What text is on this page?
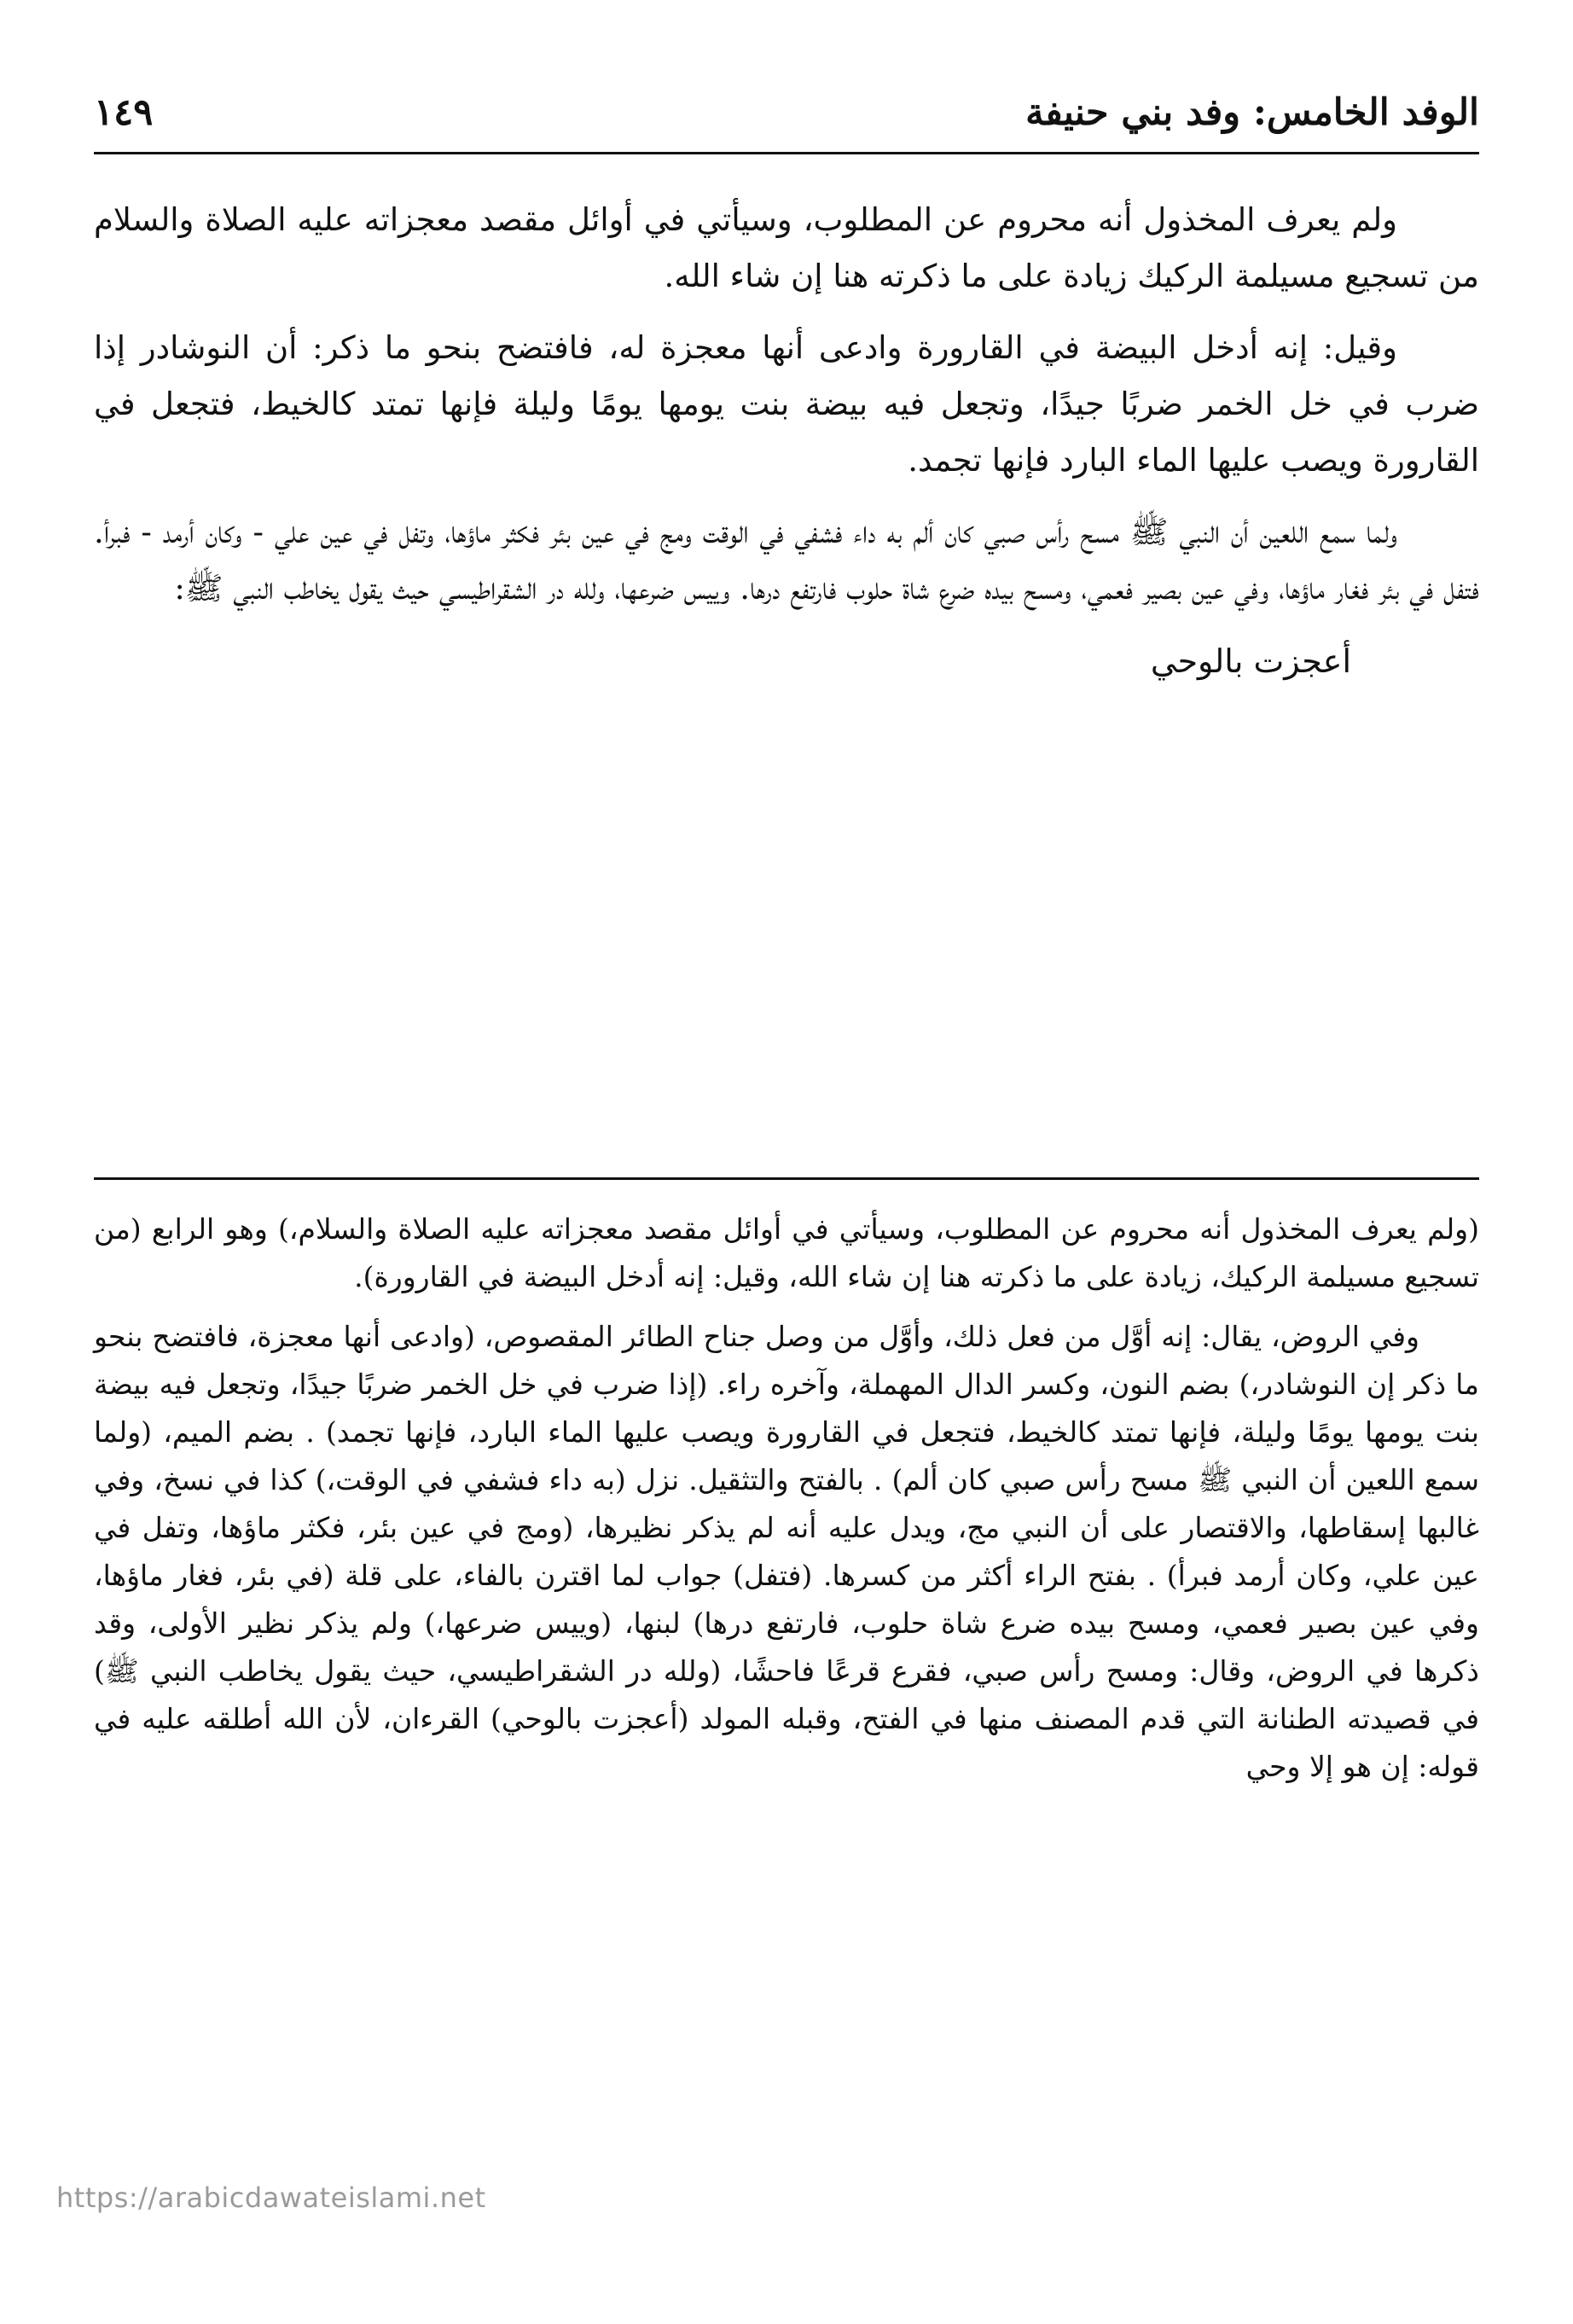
الوفد الخامس: وفد بني حنيفة
١٤٩

ولم يعرف المخذول أنه محروم عن المطلوب، وسيأتي في أوائل مقصد معجزاته عليه الصلاة والسلام من تسجيع مسيلمة الركيك زيادة على ما ذكرته هنا إن شاء الله.

وقيل: إنه أدخل البيضة في القارورة وادعى أنها معجزة له، فافتضح بنحو ما ذكر: أن النوشادر إذا ضرب في خل الخمر ضربًا جيدًا، وتجعل فيه بيضة بنت يومها يومًا وليلة فإنها تمتد كالخيط، فتجعل في القارورة ويصب عليها الماء البارد فإنها تجمد.

ولما سمع اللعين أن النبي ﷺ مسح رأس صبي كان ألم به داء فشفي في الوقت ومج في عين بئر فكثر ماؤها، وتفل في عين علي - وكان أرمد - فبرأ. فتفل في بئر فغار ماؤها، وفي عين بصير فعمي، ومسح بيده ضرع شاة حلوب فارتفع درها. وييس ضرعها، ولله در الشقراطيسي حيث يقول يخاطب النبي ﷺ:

أعجزت بالوحي

(ولم يعرف المخذول أنه محروم عن المطلوب، وسيأتي في أوائل مقصد معجزاته عليه الصلاة والسلام،) وهو الرابع (من تسجيع مسيلمة الركيك، زيادة على ما ذكرته هنا إن شاء الله، وقيل: إنه أدخل البيضة في القارورة).

وفي الروض، يقال: إنه أوَّل من فعل ذلك، وأوَّل من وصل جناح الطائر المقصوص، (وادعى أنها معجزة، فافتضح بنحو ما ذكر إن النوشادر،) بضم النون، وكسر الدال المهملة، وآخره راء. (إذا ضرب في خل الخمر ضربًا جيدًا، وتجعل فيه بيضة بنت يومها يومًا وليلة، فإنها تمتد كالخيط، فتجعل في القارورة ويصب عليها الماء البارد، فإنها تجمد) . بضم الميم، (ولما سمع اللعين أن النبي ﷺ مسح رأس صبي كان ألم) . بالفتح والتثقيل. نزل (به داء فشفي في الوقت،) كذا في نسخ، وفي غالبها إسقاطها، والاقتصار على أن النبي مج، ويدل عليه أنه لم يذكر نظيرها، (ومج في عين بئر، فكثر ماؤها، وتفل في عين علي، وكان أرمد فبرأ) . بفتح الراء أكثر من كسرها. (فتفل) جواب لما اقترن بالفاء، على قلة (في بئر، فغار ماؤها، وفي عين بصير فعمي، ومسح بيده ضرع شاة حلوب، فارتفع درها) لبنها، (وييس ضرعها،) ولم يذكر نظير الأولى، وقد ذكرها في الروض، وقال: ومسح رأس صبي، فقرع قرعًا فاحشًا، (ولله در الشقراطيسي، حيث يقول يخاطب النبي ﷺ) في قصيدته الطنانة التي قدم المصنف منها في الفتح، وقبله المولد (أعجزت بالوحي) القرءان، لأن الله أطلقه عليه في قوله: إن هو إلا وحي

https://arabicdawateislami.net
